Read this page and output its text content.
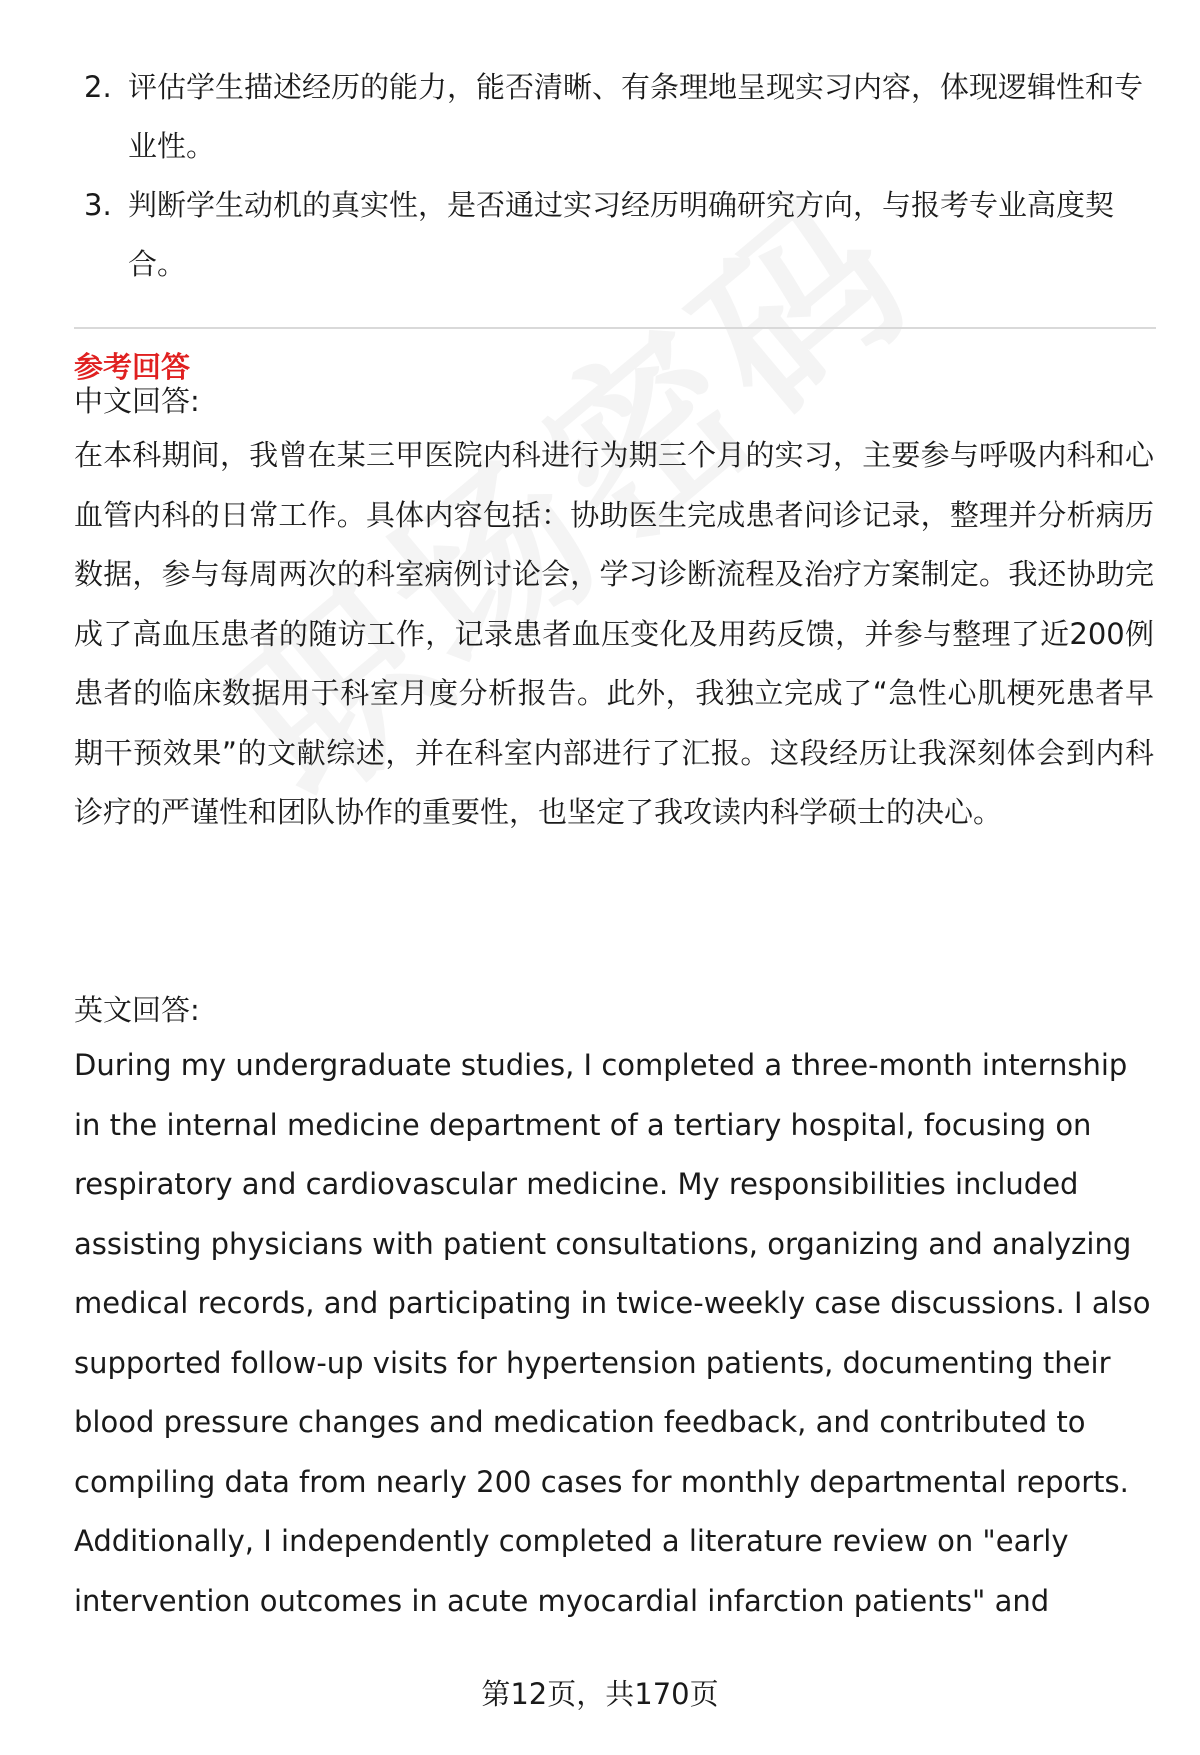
2. 评估学生描述经历的能力，能否清晰、有条理地呈现实习内容，体现逻辑性和专业性。
3. 判断学生动机的真实性，是否通过实习经历明确研究方向，与报考专业高度契合。
参考回答
中文回答:

在本科期间，我曾在某三甲医院内科进行为期三个月的实习，主要参与呼吸内科和心血管内科的日常工作。具体内容包括：协助医生完成患者问诊记录，整理并分析病历数据，参与每周两次的科室病例讨论会，学习诊断流程及治疗方案制定。我还协助完成了高血压患者的随访工作，记录患者血压变化及用药反馈，并参与整理了近200例患者的临床数据用于科室月度分析报告。此外，我独立完成了“急性心肌梗死患者早期干预效果”的文献综述，并在科室内部进行了汇报。这段经历让我深刻体会到内科诊疗的严谨性和团队协作的重要性，也坚定了我攻读内科学硕士的决心。

英文回答:

During my undergraduate studies, I completed a three-month internship in the internal medicine department of a tertiary hospital, focusing on respiratory and cardiovascular medicine. My responsibilities included assisting physicians with patient consultations, organizing and analyzing medical records, and participating in twice-weekly case discussions. I also supported follow-up visits for hypertension patients, documenting their blood pressure changes and medication feedback, and contributed to compiling data from nearly 200 cases for monthly departmental reports. Additionally, I independently completed a literature review on "early intervention outcomes in acute myocardial infarction patients" and

第12页，共170页
